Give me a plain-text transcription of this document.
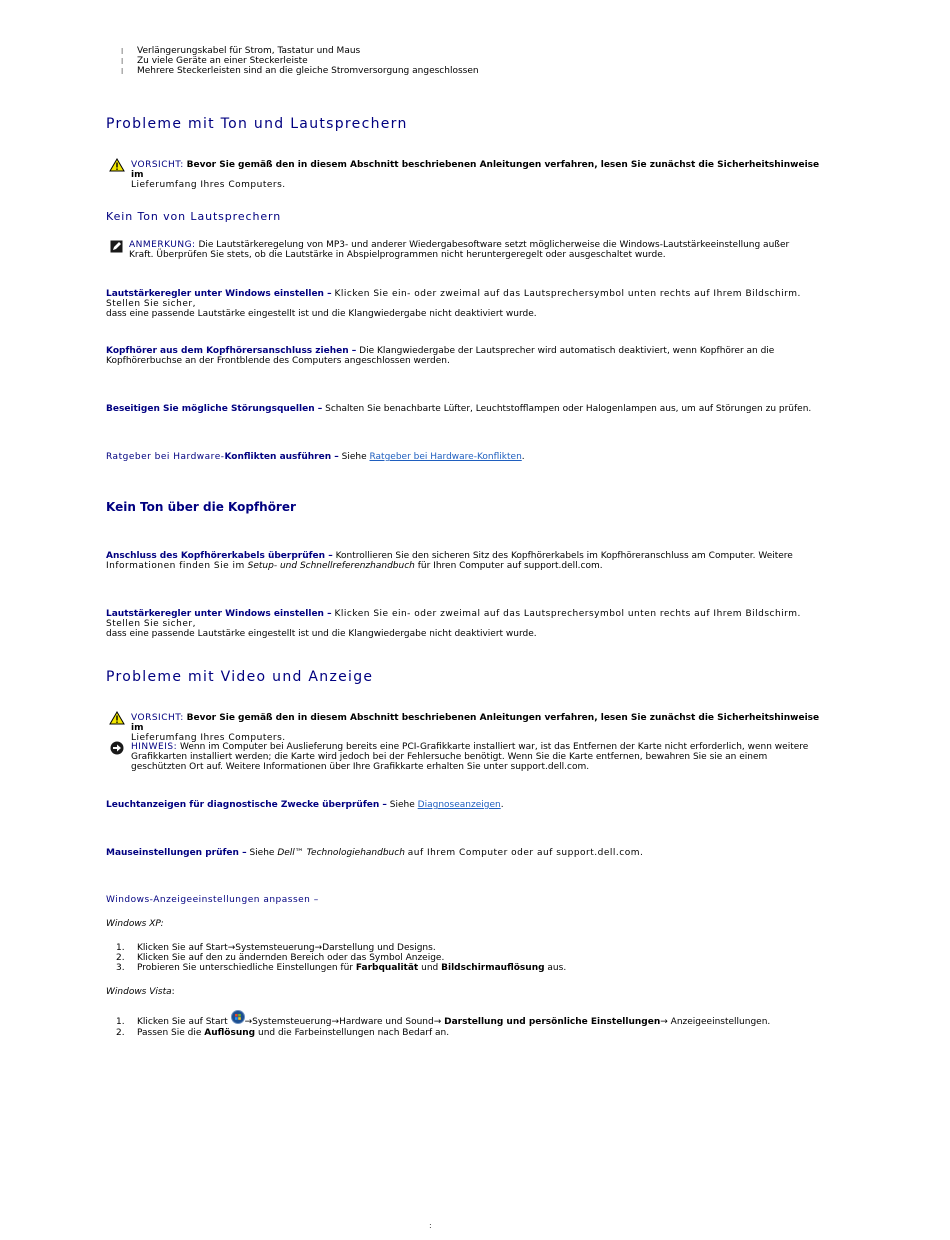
l Verlängerungskabel für Strom, Tastatur und Maus
l Zu viele Geräte an einer Steckerleiste
l Mehrere Steckerleisten sind an die gleiche Stromversorgung angeschlossen
Probleme mit Ton und Lautsprechern
VORSICHT: Bevor Sie gemäß den in diesem Abschnitt beschriebenen Anleitungen verfahren, lesen Sie zunächst die Sicherheitshinweise im
Lieferumfang Ihres Computers.
Kein Ton von Lautsprechern
ANMERKUNG: Die Lautstärkeregelung von MP3- und anderer Wiedergabesoftware setzt möglicherweise die Windows-Lautstärkeeinstellung außer
Kraft. Überprüfen Sie stets, ob die Lautstärke in Abspielprogrammen nicht heruntergeregelt oder ausgeschaltet wurde.
Lautstärkeregler unter Windows einstellen – Klicken Sie ein- oder zweimal auf das Lautsprechersymbol unten rechts auf Ihrem Bildschirm. Stellen Sie sicher,
dass eine passende Lautstärke eingestellt ist und die Klangwiedergabe nicht deaktiviert wurde.
Kopfhörer aus dem Kopfhörersanschluss ziehen – Die Klangwiedergabe der Lautsprecher wird automatisch deaktiviert, wenn Kopfhörer an die
Kopfhörerbuchse an der Frontblende des Computers angeschlossen werden.
Beseitigen Sie mögliche Störungsquellen – Schalten Sie benachbarte Lüfter, Leuchtstofflampen oder Halogenlampen aus, um auf Störungen zu prüfen.
Ratgeber bei Hardware-Konflikten ausführen – Siehe Ratgeber bei Hardware-Konflikten.
Kein Ton über die Kopfhörer
Anschluss des Kopfhörerkabels überprüfen – Kontrollieren Sie den sicheren Sitz des Kopfhörerkabels im Kopfhöreranschluss am Computer. Weitere
Informationen finden Sie im Setup- und Schnellreferenzhandbuch für Ihren Computer auf support.dell.com.
Lautstärkeregler unter Windows einstellen – Klicken Sie ein- oder zweimal auf das Lautsprechersymbol unten rechts auf Ihrem Bildschirm. Stellen Sie sicher,
dass eine passende Lautstärke eingestellt ist und die Klangwiedergabe nicht deaktiviert wurde.
Probleme mit Video und Anzeige
VORSICHT: Bevor Sie gemäß den in diesem Abschnitt beschriebenen Anleitungen verfahren, lesen Sie zunächst die Sicherheitshinweise im
Lieferumfang Ihres Computers.
HINWEIS: Wenn im Computer bei Auslieferung bereits eine PCI-Grafikkarte installiert war, ist das Entfernen der Karte nicht erforderlich, wenn weitere
Grafikkarten installiert werden; die Karte wird jedoch bei der Fehlersuche benötigt. Wenn Sie die Karte entfernen, bewahren Sie sie an einem
geschützten Ort auf. Weitere Informationen über Ihre Grafikkarte erhalten Sie unter support.dell.com.
Leuchtanzeigen für diagnostische Zwecke überprüfen – Siehe Diagnoseanzeigen.
Mauseinstellungen prüfen – Siehe Dell™ Technologiehandbuch auf Ihrem Computer oder auf support.dell.com.
Windows-Anzeigeeinstellungen anpassen –
Windows XP:
1. Klicken Sie auf Start→Systemsteuerung→Darstellung und Designs.
2. Klicken Sie auf den zu ändernden Bereich oder das Symbol Anzeige.
3. Probieren Sie unterschiedliche Einstellungen für Farbqualität und Bildschirmauflösung aus.
Windows Vista:
1. Klicken Sie auf Start →Systemsteuerung→Hardware und Sound→ Darstellung und persönliche Einstellungen→ Anzeigeeinstellungen.
2. Passen Sie die Auflösung und die Farbeinstellungen nach Bedarf an.
:
